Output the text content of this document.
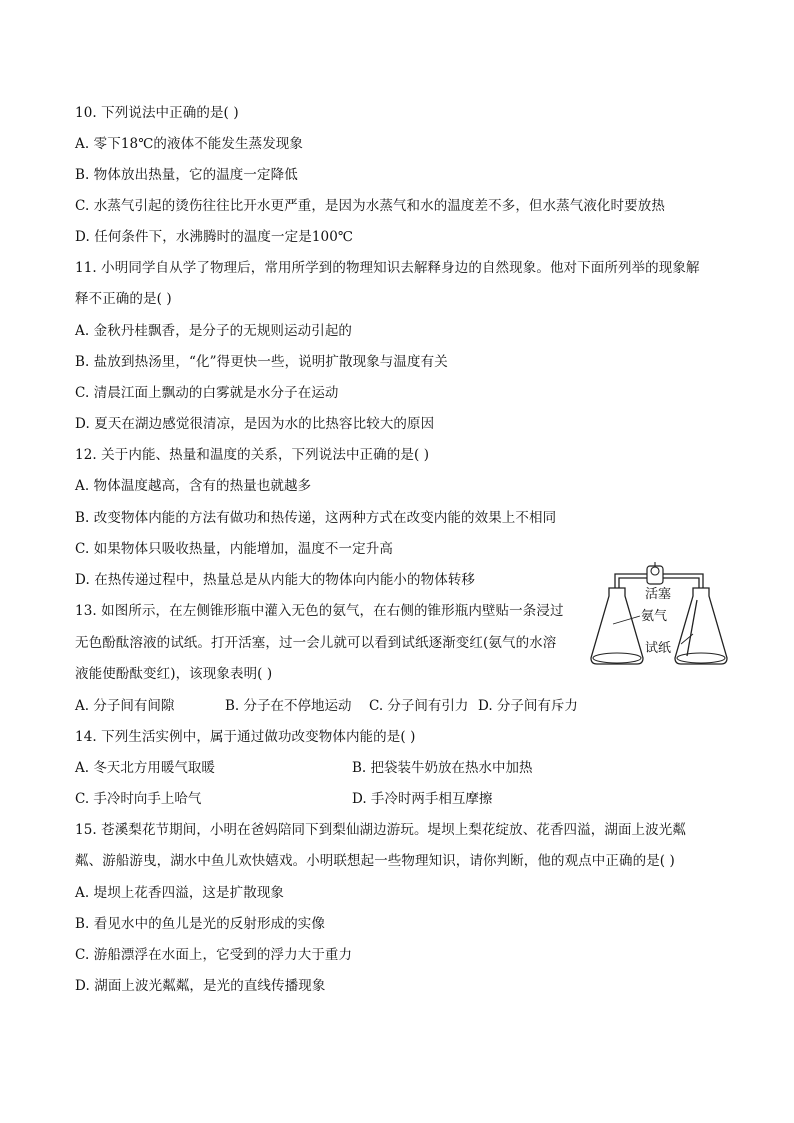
10. 下列说法中正确的是( )
A. 零下18℃的液体不能发生蒸发现象
B. 物体放出热量，它的温度一定降低
C. 水蒸气引起的烫伤往往比开水更严重，是因为水蒸气和水的温度差不多，但水蒸气液化时要放热
D. 任何条件下，水沸腾时的温度一定是100℃
11. 小明同学自从学了物理后，常用所学到的物理知识去解释身边的自然现象。他对下面所列举的现象解
释不正确的是( )
A. 金秋丹桂飘香，是分子的无规则运动引起的
B. 盐放到热汤里，“化”得更快一些，说明扩散现象与温度有关
C. 清晨江面上飘动的白雾就是水分子在运动
D. 夏天在湖边感觉很清凉，是因为水的比热容比较大的原因
12. 关于内能、热量和温度的关系，下列说法中正确的是( )
A. 物体温度越高，含有的热量也就越多
B. 改变物体内能的方法有做功和热传递，这两种方式在改变内能的效果上不相同
C. 如果物体只吸收热量，内能增加，温度不一定升高
D. 在热传递过程中，热量总是从内能大的物体向内能小的物体转移
13. 如图所示，在左侧锥形瓶中灌入无色的氨气，在右侧的锥形瓶内壁贴一条浸过
无色酚酞溶液的试纸。打开活塞，过一会儿就可以看到试纸逐渐变红(氨气的水溶
液能使酚酞变红)，该现象表明( )
A. 分子间有间隙	B. 分子在不停地运动 C. 分子间有引力 D. 分子间有斥力
活塞
氨气
试纸
14. 下列生活实例中，属于通过做功改变物体内能的是( )
A. 冬天北方用暖气取暖	B. 把袋装牛奶放在热水中加热
C. 手冷时向手上哈气	D. 手冷时两手相互摩擦
15. 苍溪梨花节期间，小明在爸妈陪同下到梨仙湖边游玩。堤坝上梨花绽放、花香四溢，湖面上波光粼
粼、游船游曳，湖水中鱼儿欢快嬉戏。小明联想起一些物理知识，请你判断，他的观点中正确的是( )
A. 堤坝上花香四溢，这是扩散现象
B. 看见水中的鱼儿是光的反射形成的实像
C. 游船漂浮在水面上，它受到的浮力大于重力
D. 湖面上波光粼粼，是光的直线传播现象
